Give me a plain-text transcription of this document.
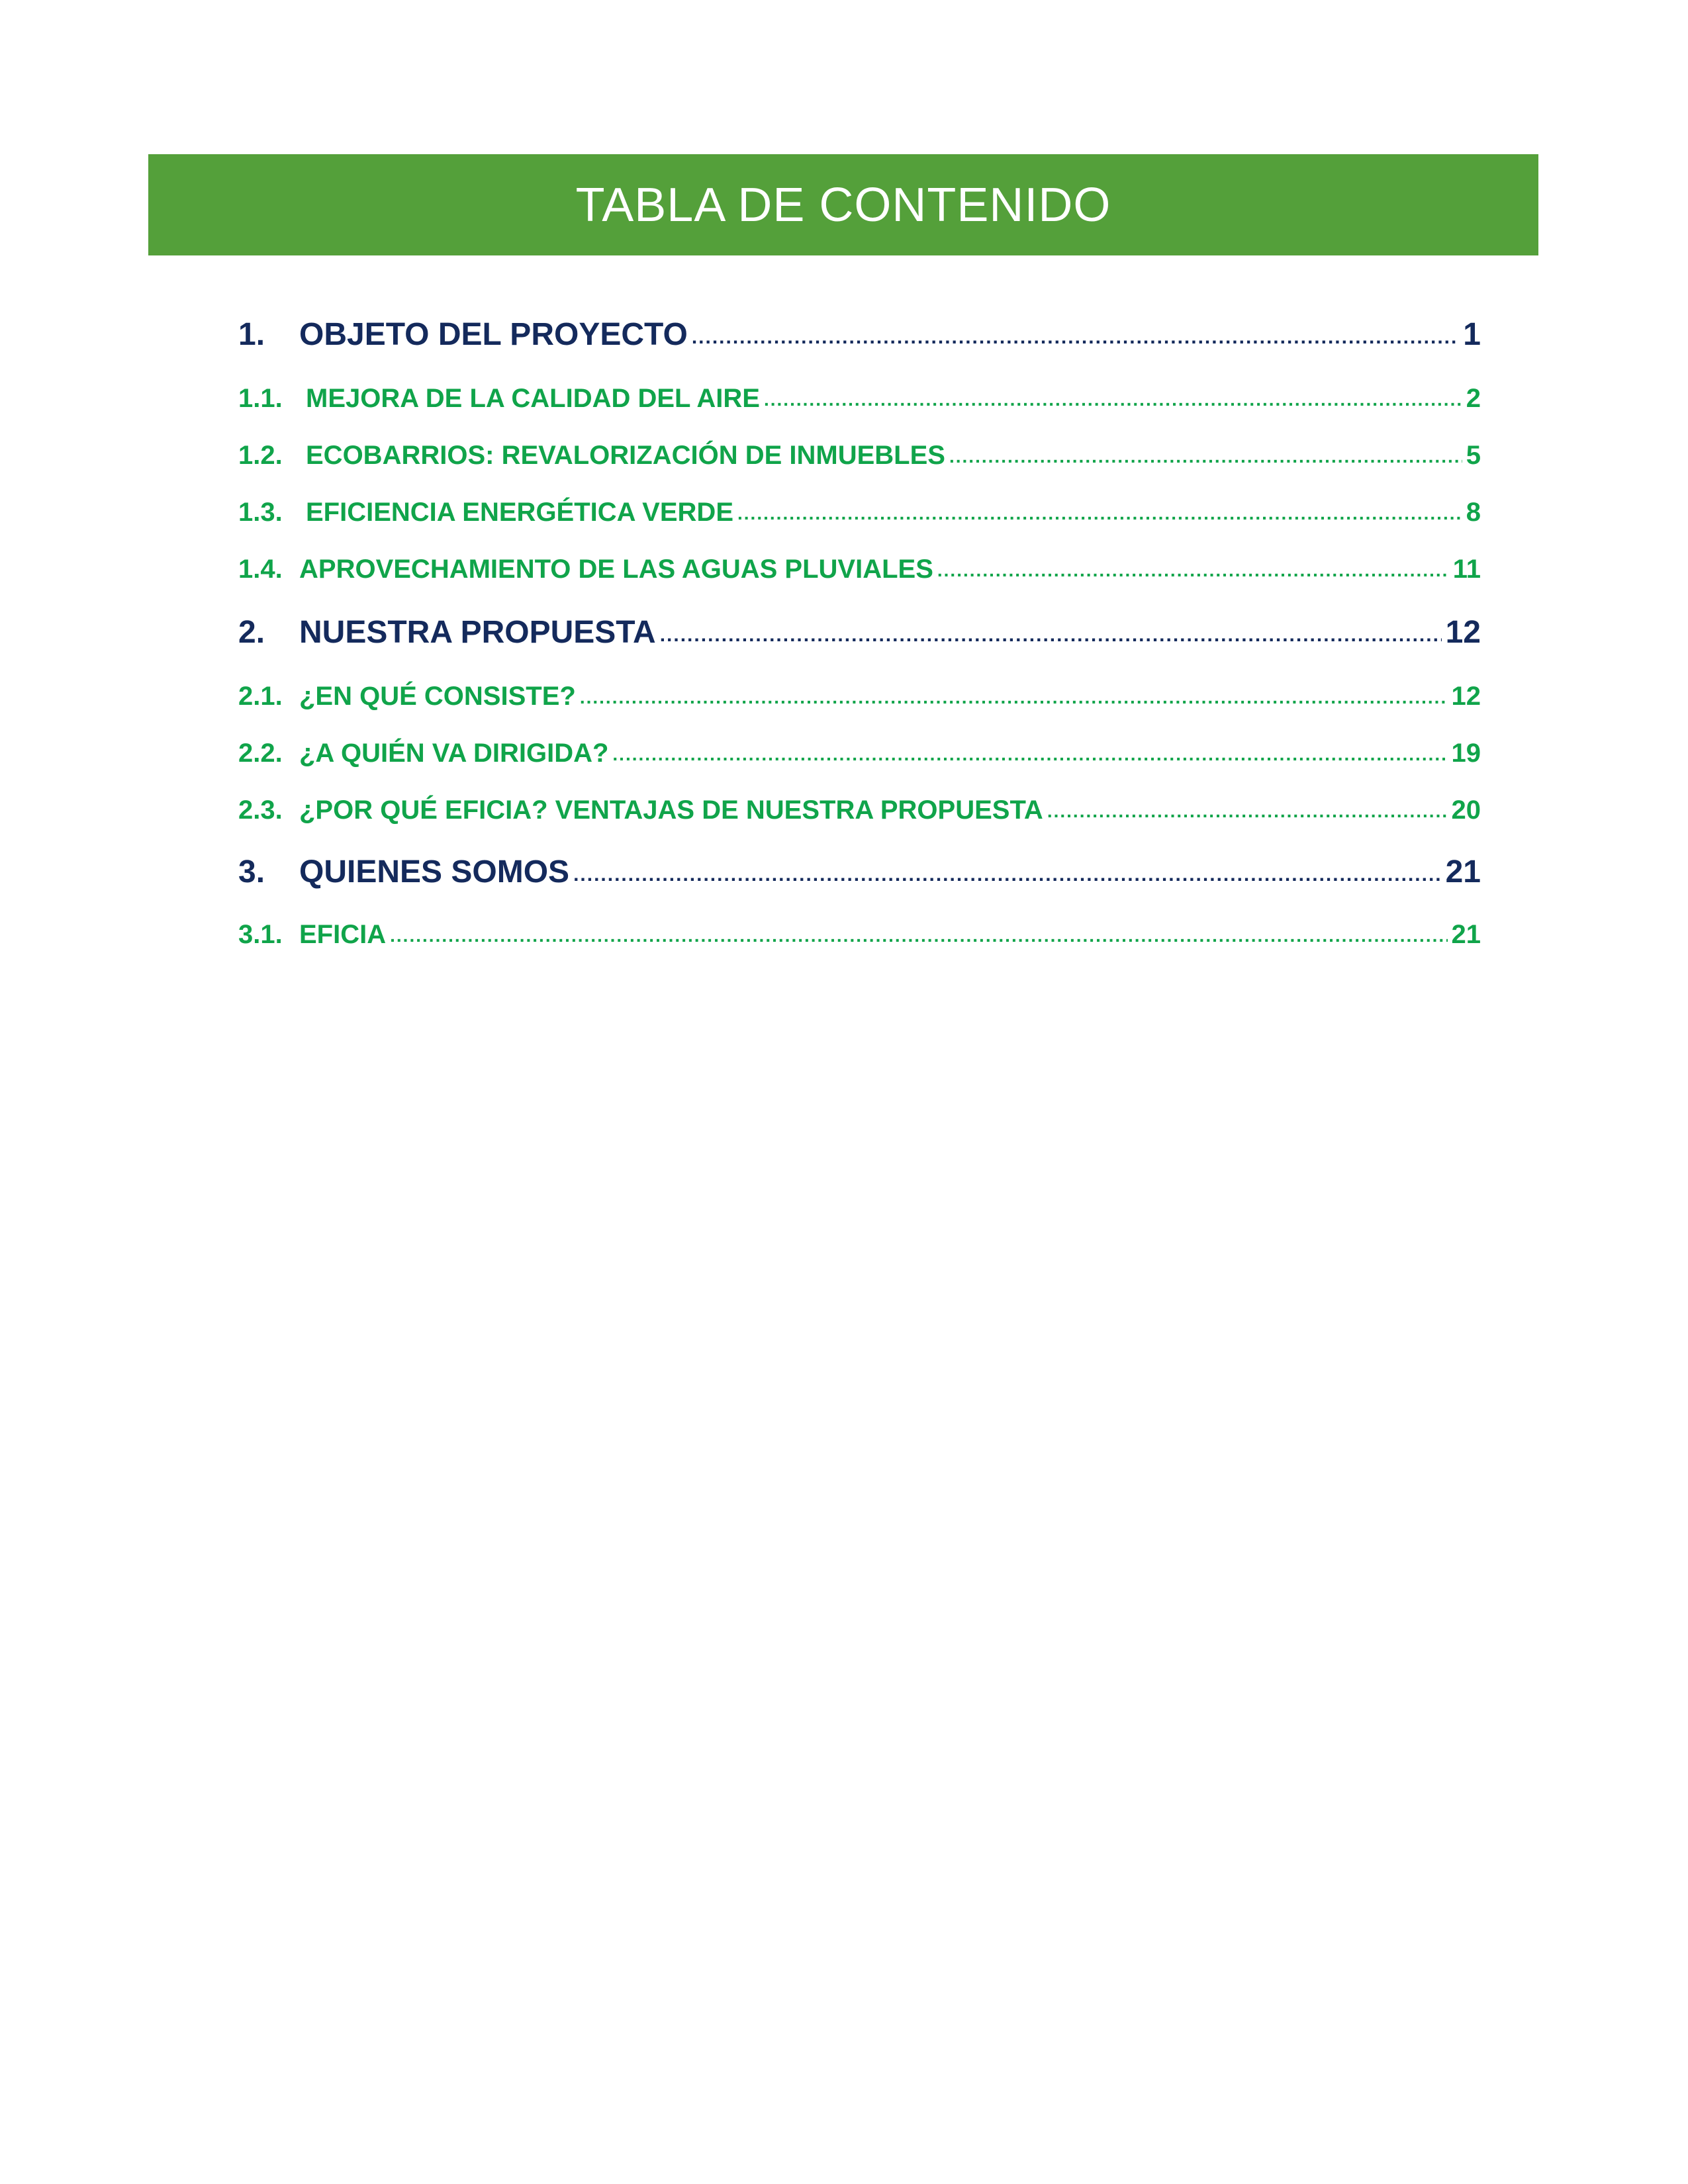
TABLA DE CONTENIDO
1.	OBJETO DEL PROYECTO .....	1
1.1. MEJORA DE LA CALIDAD DEL AIRE .....	2
1.2. ECOBARRIOS: REVALORIZACIÓN DE INMUEBLES .....	5
1.3. EFICIENCIA ENERGÉTICA VERDE .....	8
1.4. APROVECHAMIENTO DE LAS AGUAS PLUVIALES .....	11
2.	NUESTRA PROPUESTA .....	12
2.1. ¿EN QUÉ CONSISTE? .....	12
2.2. ¿A QUIÉN VA DIRIGIDA? .....	19
2.3. ¿POR QUÉ EFICIA? VENTAJAS DE NUESTRA PROPUESTA .....	20
3.	QUIENES SOMOS .....	21
3.1. EFICIA .....	21
